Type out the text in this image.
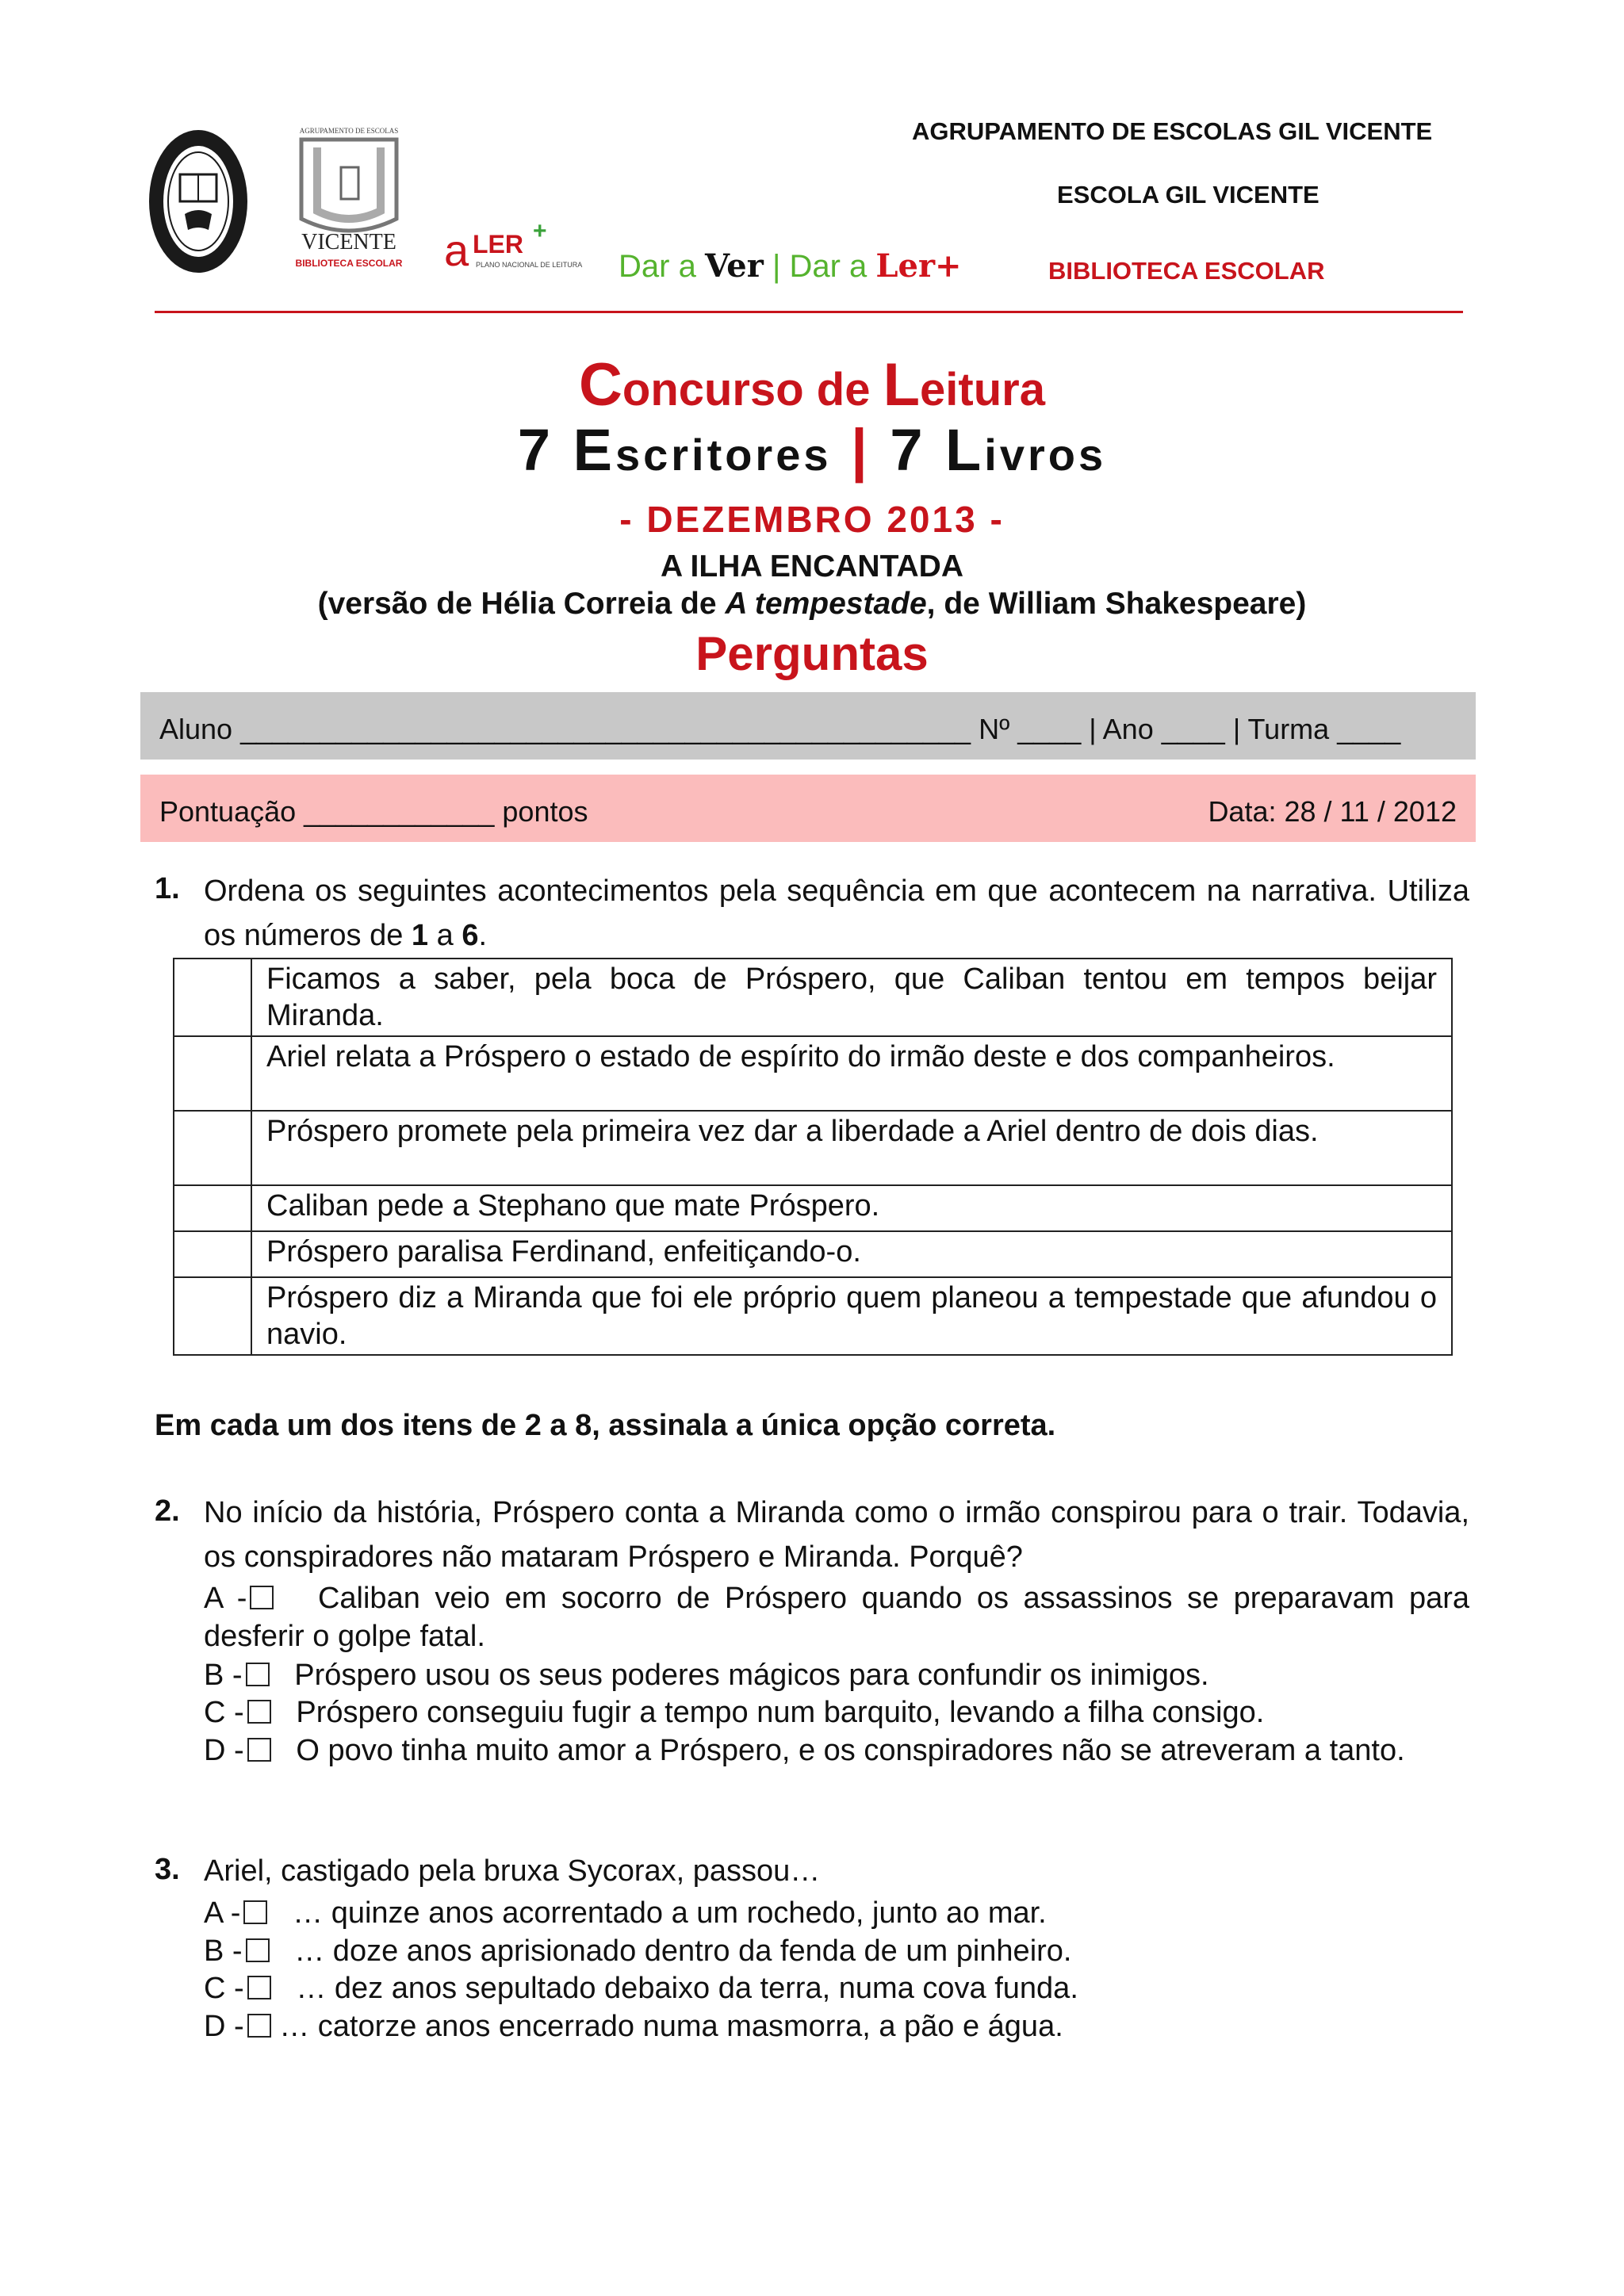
AGRUPAMENTO DE ESCOLAS
VICENTE
BIBLIOTECA ESCOLAR a LER +
PLANO NACIONAL DE LEITURA Dar a Ver | Dar a Ler+
AGRUPAMENTO DE ESCOLAS GIL VICENTE
ESCOLA GIL VICENTE
BIBLIOTECA ESCOLAR
Concurso de Leitura
7 Escritores | 7 Livros
- DEZEMBRO 2013 -
A ILHA ENCANTADA
(versão de Hélia Correia de A tempestade, de William Shakespeare)
Perguntas
Aluno ______________________________________________ Nº ____ | Ano ____ | Turma ____
Pontuação ____________ pontos	Data: 28 / 11 / 2012
1. Ordena os seguintes acontecimentos pela sequência em que acontecem na narrativa. Utiliza os números de 1 a 6.
	Ficamos a saber, pela boca de Próspero, que Caliban tentou em tempos beijar Miranda.
	Ariel relata a Próspero o estado de espírito do irmão deste e dos companheiros.
	Próspero promete pela primeira vez dar a liberdade a Ariel dentro de dois dias.
	Caliban pede a Stephano que mate Próspero.
	Próspero paralisa Ferdinand, enfeitiçando-o.
	Próspero diz a Miranda que foi ele próprio quem planeou a tempestade que afundou o navio.
Em cada um dos itens de 2 a 8, assinala a única opção correta.
2. No início da história, Próspero conta a Miranda como o irmão conspirou para o trair. Todavia, os conspiradores não mataram Próspero e Miranda. Porquê?
A - Caliban veio em socorro de Próspero quando os assassinos se preparavam para desferir o golpe fatal.
B - Próspero usou os seus poderes mágicos para confundir os inimigos.
C - Próspero conseguiu fugir a tempo num barquito, levando a filha consigo.
D - O povo tinha muito amor a Próspero, e os conspiradores não se atreveram a tanto.
3. Ariel, castigado pela bruxa Sycorax, passou…
A - … quinze anos acorrentado a um rochedo, junto ao mar.
B - … doze anos aprisionado dentro da fenda de um pinheiro.
C - … dez anos sepultado debaixo da terra, numa cova funda.
D - … catorze anos encerrado numa masmorra, a pão e água.
